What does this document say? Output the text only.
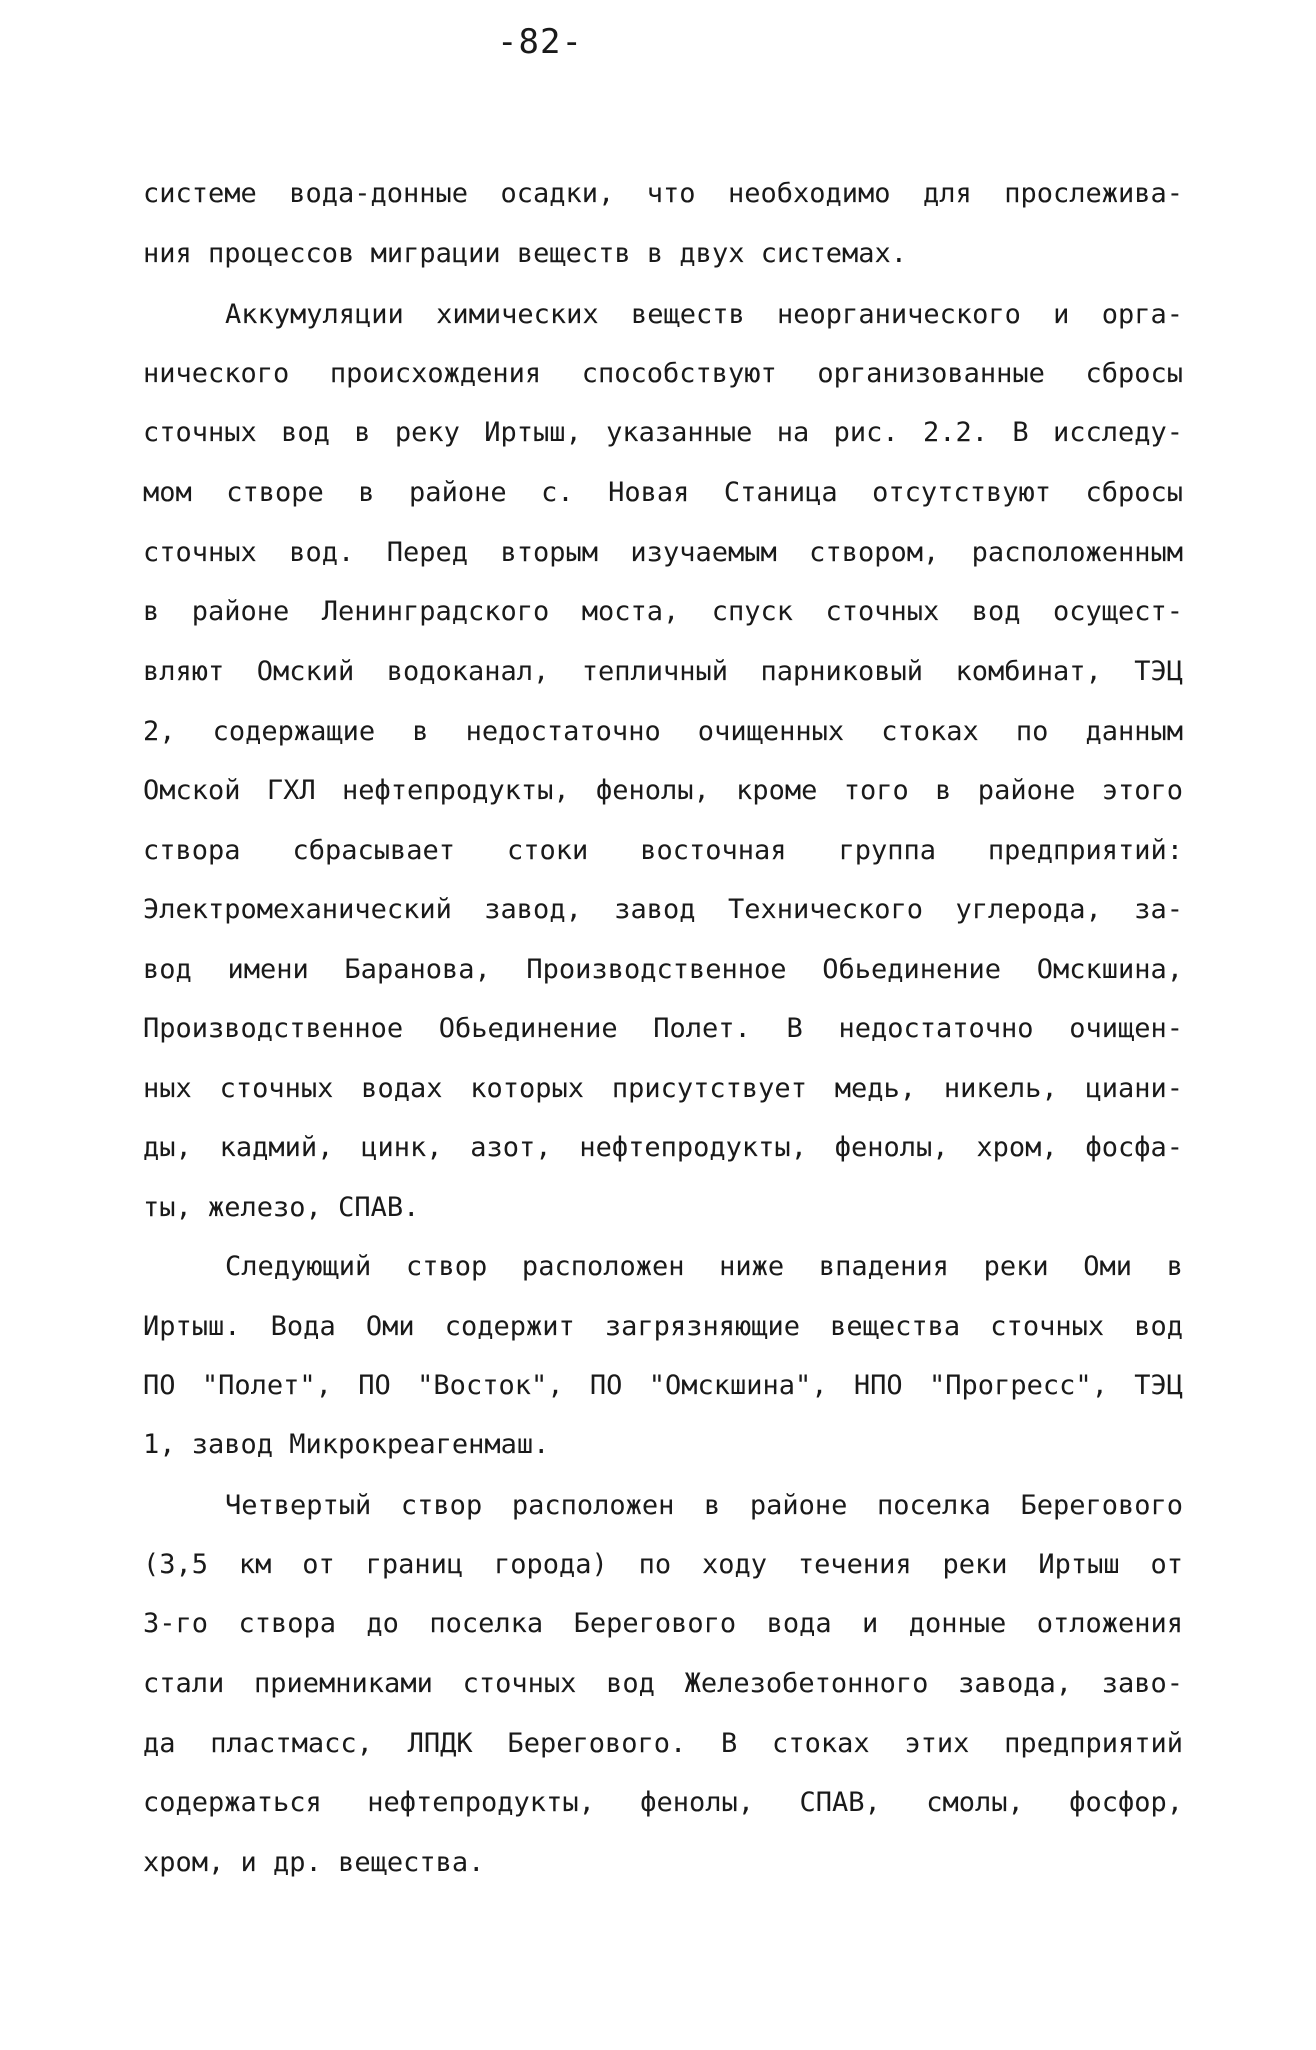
-82-
системе вода-донные осадки, что необходимо для прослежива-
ния процессов миграции веществ в двух системах.
Аккумуляции химических веществ неорганического и орга-
нического происхождения способствуют организованные сбросы
сточных вод в реку Иртыш, указанные на рис. 2.2. В исследу-
мом створе в районе с. Новая Станица отсутствуют сбросы
сточных вод. Перед вторым изучаемым створом, расположенным
в районе Ленинградского моста, спуск сточных вод осущест-
вляют Омский водоканал, тепличный парниковый комбинат, ТЭЦ
2, содержащие в недостаточно очищенных стоках по данным
Омской ГХЛ нефтепродукты, фенолы, кроме того в районе этого
створа сбрасывает стоки восточная группа предприятий:
Электромеханический завод, завод Технического углерода, за-
вод имени Баранова, Производственное Обьединение Омскшина,
Производственное Обьединение Полет. В недостаточно очищен-
ных сточных водах которых присутствует медь, никель, циани-
ды, кадмий, цинк, азот, нефтепродукты, фенолы, хром, фосфа-
ты, железо, СПАВ.
Следующий створ расположен ниже впадения реки Оми в
Иртыш. Вода Оми содержит загрязняющие вещества сточных вод
ПО "Полет", ПО "Восток", ПО "Омскшина", НПО "Прогресс", ТЭЦ
1, завод Микрокреагенмаш.
Четвертый створ расположен в районе поселка Берегового
(3,5 км от границ города) по ходу течения реки Иртыш от
3-го створа до поселка Берегового вода и донные отложения
стали приемниками сточных вод Железобетонного завода, заво-
да пластмасс, ЛПДК Берегового. В стоках этих предприятий
содержаться нефтепродукты, фенолы, СПАВ, смолы, фосфор,
хром, и др. вещества.
